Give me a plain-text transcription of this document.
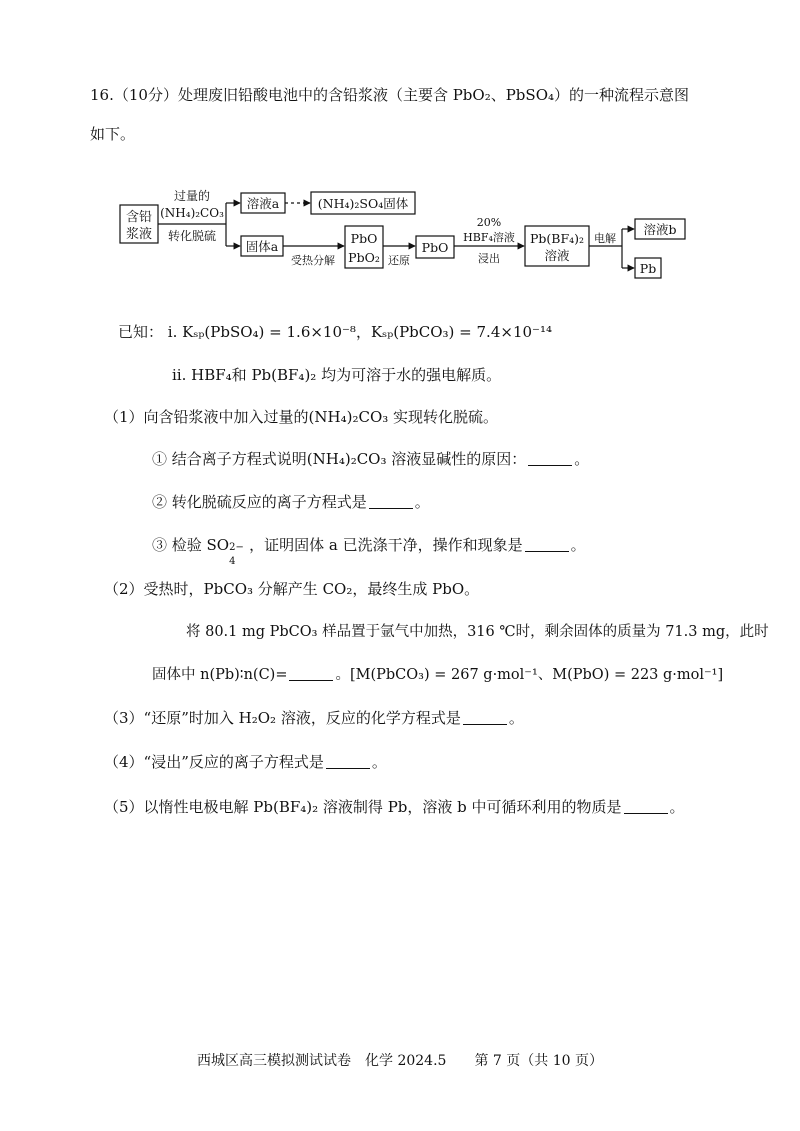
16.（10分）处理废旧铅酸电池中的含铅浆液（主要含 PbO₂、PbSO₄）的一种流程示意图
如下。
含铅
浆液
过量的
(NH₄)₂CO₃
转化脱硫
溶液a	(NH₄)₂SO₄固体
固体a
受热分解
PbO
PbO₂ 还原
PbO
20%
HBF₄溶液
浸出
Pb(BF₄)₂
溶液
电解
溶液b
Pb
已知： ⅰ. Kₛₚ(PbSO₄) = 1.6×10⁻⁸，Kₛₚ(PbCO₃) = 7.4×10⁻¹⁴
ⅱ. HBF₄和 Pb(BF₄)₂ 均为可溶于水的强电解质。
（1）向含铅浆液中加入过量的(NH₄)₂CO₃ 实现转化脱硫。
① 结合离子方程式说明(NH₄)₂CO₃ 溶液显碱性的原因：	。
② 转化脱硫反应的离子方程式是	。
③ 检验 SO 2−
4
，证明固体 a 已洗涤干净，操作和现象是	。
（2）受热时，PbCO₃ 分解产生 CO₂，最终生成 PbO。
将 80.1 mg PbCO₃ 样品置于氩气中加热，316 ℃时，剩余固体的质量为 71.3 mg，此时
固体中 n(Pb)∶n(C)=	。[M(PbCO₃) = 267 g·mol⁻¹、M(PbO) = 223 g·mol⁻¹]
（3）“还原”时加入 H₂O₂ 溶液，反应的化学方程式是	。
（4）“浸出”反应的离子方程式是	。
（5）以惰性电极电解 Pb(BF₄)₂ 溶液制得 Pb，溶液 b 中可循环利用的物质是	。
西城区高三模拟测试试卷　化学 2024.5　　第 7 页（共 10 页）
